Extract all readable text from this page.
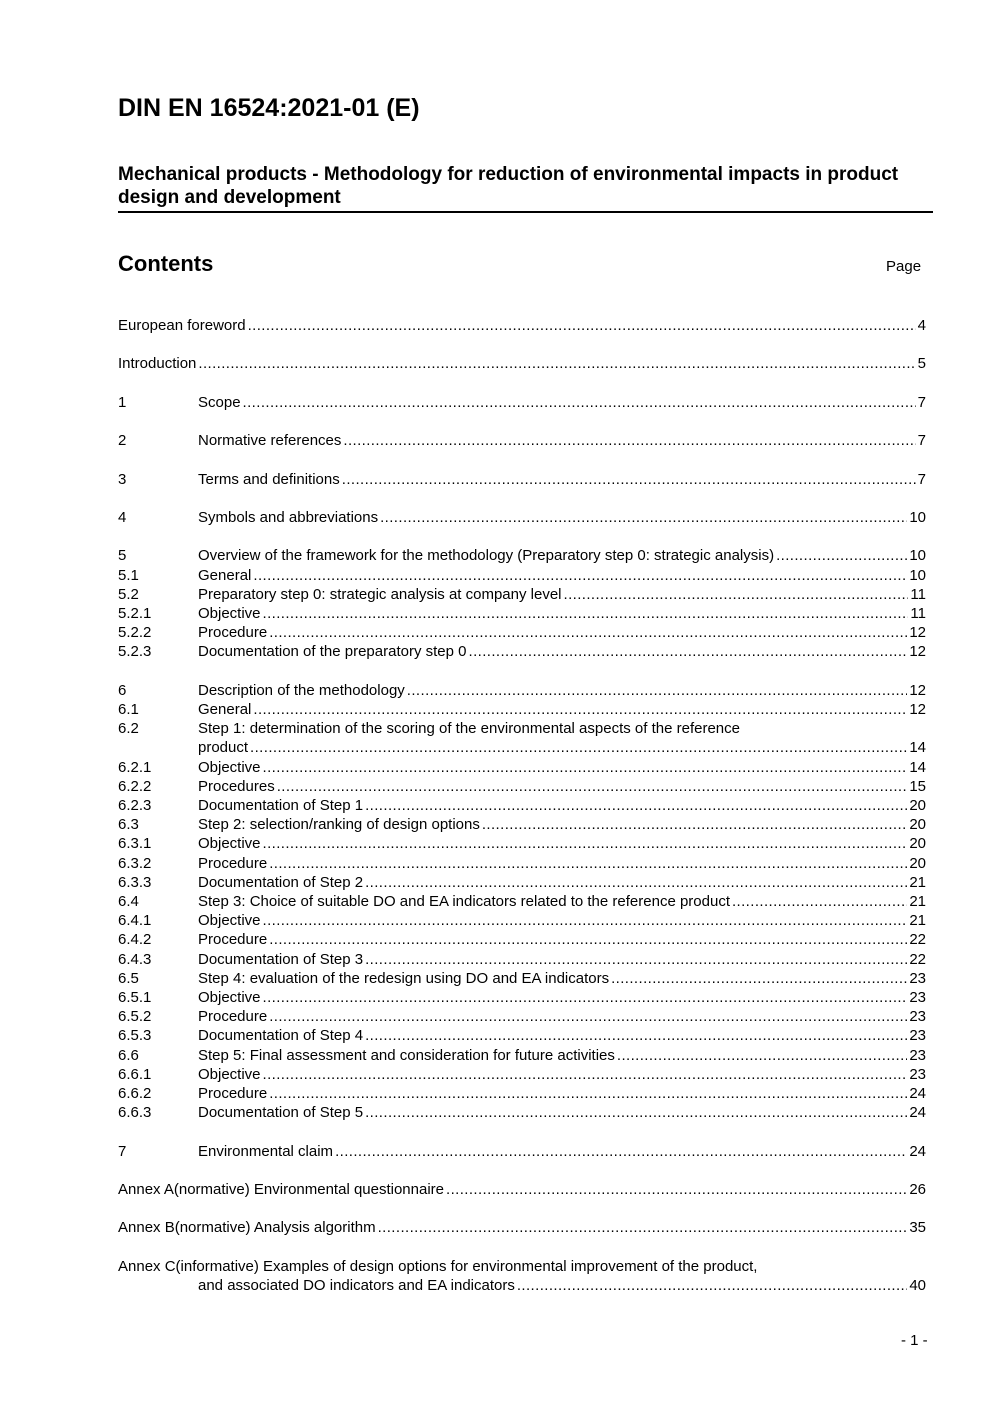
DIN EN 16524:2021-01 (E)
Mechanical products - Methodology for reduction of environmental impacts in product design and development
Contents	Page
European foreword .....	4
Introduction .....	5
1	Scope .....	7
2	Normative references .....	7
3	Terms and definitions .....	7
4	Symbols and abbreviations .....	10
5	Overview of the framework for the methodology (Preparatory step 0: strategic analysis) .....	10
5.1	General .....	10
5.2	Preparatory step 0: strategic analysis at company level .....	11
5.2.1	Objective .....	11
5.2.2	Procedure .....	12
5.2.3	Documentation of the preparatory step 0 .....	12
6	Description of the methodology .....	12
6.1	General .....	12
6.2	Step 1: determination of the scoring of the environmental aspects of the reference
product .....	14
6.2.1	Objective .....	14
6.2.2	Procedures .....	15
6.2.3	Documentation of Step 1 .....	20
6.3	Step 2: selection/ranking of design options .....	20
6.3.1	Objective .....	20
6.3.2	Procedure .....	20
6.3.3	Documentation of Step 2 .....	21
6.4	Step 3: Choice of suitable DO and EA indicators related to the reference product .....	21
6.4.1	Objective .....	21
6.4.2	Procedure .....	22
6.4.3	Documentation of Step 3 .....	22
6.5	Step 4: evaluation of the redesign using DO and EA indicators .....	23
6.5.1	Objective .....	23
6.5.2	Procedure .....	23
6.5.3	Documentation of Step 4 .....	23
6.6	Step 5: Final assessment and consideration for future activities .....	23
6.6.1	Objective .....	23
6.6.2	Procedure .....	24
6.6.3	Documentation of Step 5 .....	24
7	Environmental claim .....	24
Annex A(normative) Environmental questionnaire .....	26
Annex B(normative) Analysis algorithm .....	35
Annex C(informative) Examples of design options for environmental improvement of the product,
and associated DO indicators and EA indicators .....	40
- 1 -
